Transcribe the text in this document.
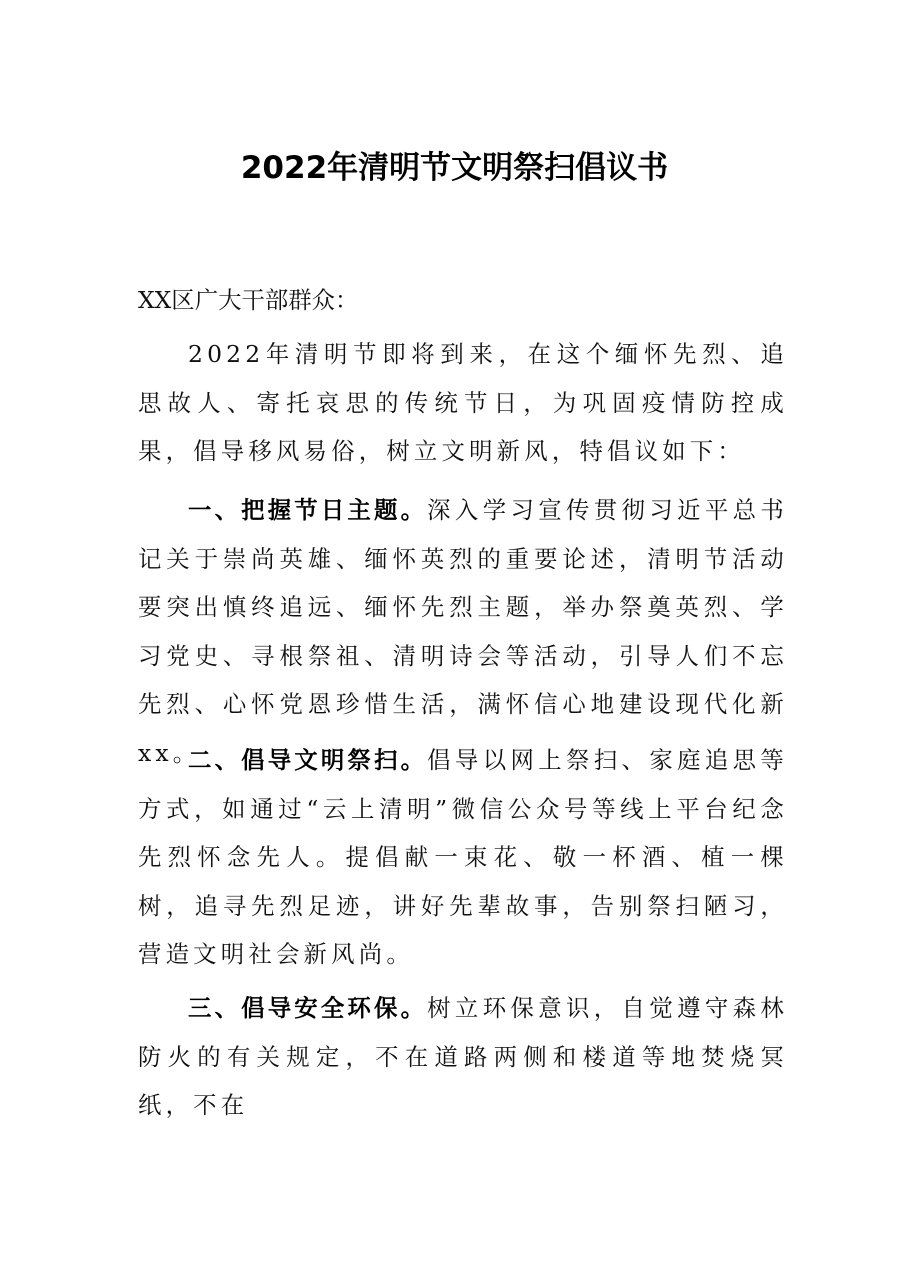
2022年清明节文明祭扫倡议书
XX区广大干部群众：

2022年清明节即将到来，在这个缅怀先烈、追思故人、寄托哀思的传统节日，为巩固疫情防控成果，倡导移风易俗，树立文明新风，特倡议如下：

一、把握节日主题。深入学习宣传贯彻习近平总书记关于崇尚英雄、缅怀英烈的重要论述，清明节活动要突出慎终追远、缅怀先烈主题，举办祭奠英烈、学习党史、寻根祭祖、清明诗会等活动，引导人们不忘先烈、心怀党恩珍惜生活，满怀信心地建设现代化新xx。

二、倡导文明祭扫。倡导以网上祭扫、家庭追思等方式，如通过“云上清明”微信公众号等线上平台纪念先烈怀念先人。提倡献一束花、敬一杯酒、植一棵树，追寻先烈足迹，讲好先辈故事，告别祭扫陋习，营造文明社会新风尚。

三、倡导安全环保。树立环保意识，自觉遵守森林防火的有关规定，不在道路两侧和楼道等地焚烧冥纸，不在
